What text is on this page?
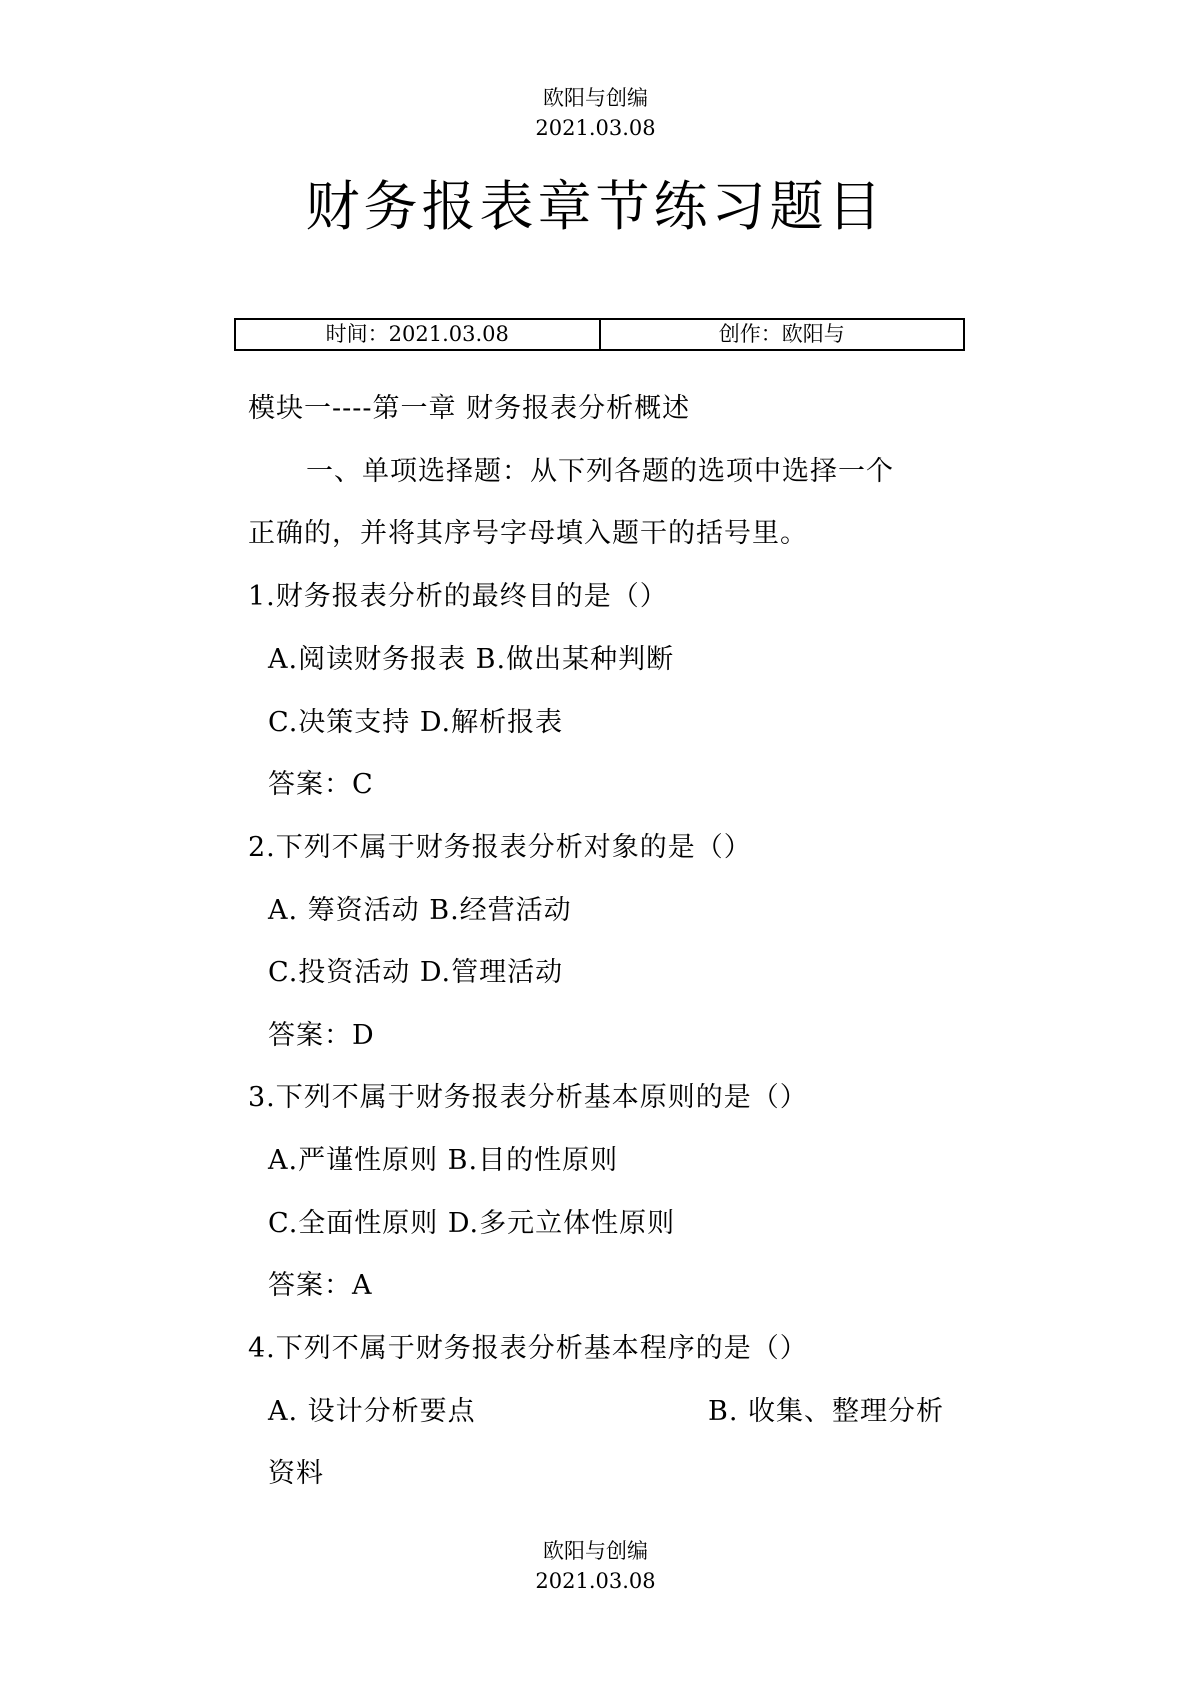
欧阳与创编
2021.03.08
财务报表章节练习题目
时间：2021.03.08	创作：欧阳与
模块一----第一章 财务报表分析概述
一、单项选择题：从下列各题的选项中选择一个
正确的，并将其序号字母填入题干的括号里。
1.财务报表分析的最终目的是（）
A.阅读财务报表 B.做出某种判断
C.决策支持 D.解析报表
答案：C
2.下列不属于财务报表分析对象的是（）
A. 筹资活动 B.经营活动
C.投资活动 D.管理活动
答案：D
3.下列不属于财务报表分析基本原则的是（）
A.严谨性原则 B.目的性原则
C.全面性原则 D.多元立体性原则
答案：A
4.下列不属于财务报表分析基本程序的是（）
A. 设计分析要点	B. 收集、整理分析
资料
欧阳与创编
2021.03.08
